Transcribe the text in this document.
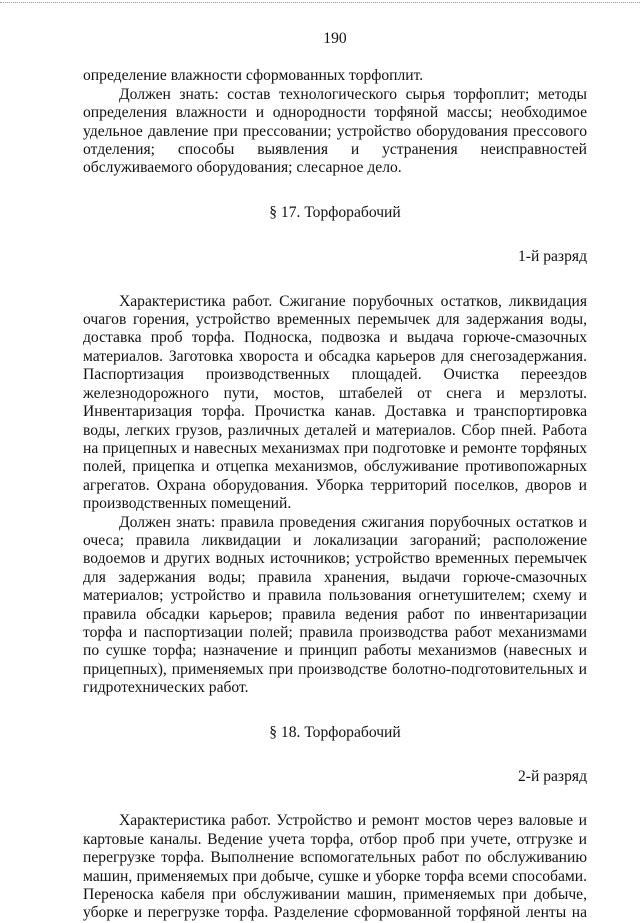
190

определение влажности сформованных торфоплит.

Должен знать: состав технологического сырья торфоплит; методы определения влажности и однородности торфяной массы; необходимое удельное давление при прессовании; устройство оборудования прессового отделения; способы выявления и устранения неисправностей обслуживаемого оборудования; слесарное дело.

§ 17. Торфорабочий
1-й разряд

Характеристика работ. Сжигание порубочных остатков, ликвидация очагов горения, устройство временных перемычек для задержания воды, доставка проб торфа. Подноска, подвозка и выдача горюче-смазочных материалов. Заготовка хвороста и обсадка карьеров для снегозадержания. Паспортизация производственных площадей. Очистка переездов железнодорожного пути, мостов, штабелей от снега и мерзлоты. Инвентаризация торфа. Прочистка канав. Доставка и транспортировка воды, легких грузов, различных деталей и материалов. Сбор пней. Работа на прицепных и навесных механизмах при подготовке и ремонте торфяных полей, прицепка и отцепка механизмов, обслуживание противопожарных агрегатов. Охрана оборудования. Уборка территорий поселков, дворов и производственных помещений.

Должен знать: правила проведения сжигания порубочных остатков и очеса; правила ликвидации и локализации загораний; расположение водоемов и других водных источников; устройство временных перемычек для задержания воды; правила хранения, выдачи горюче-смазочных материалов; устройство и правила пользования огнетушителем; схему и правила обсадки карьеров; правила ведения работ по инвентаризации торфа и паспортизации полей; правила производства работ механизмами по сушке торфа; назначение и принцип работы механизмов (навесных и прицепных), применяемых при производстве болотно-подготовительных и гидротехнических работ.

§ 18. Торфорабочий
2-й разряд

Характеристика работ. Устройство и ремонт мостов через валовые и картовые каналы. Ведение учета торфа, отбор проб при учете, отгрузке и перегрузке торфа. Выполнение вспомогательных работ по обслуживанию машин, применяемых при добыче, сушке и уборке торфа всеми способами. Переноска кабеля при обслуживании машин, применяемых при добыче, уборке и перегрузке торфа. Разделение сформованной торфяной ленты на
